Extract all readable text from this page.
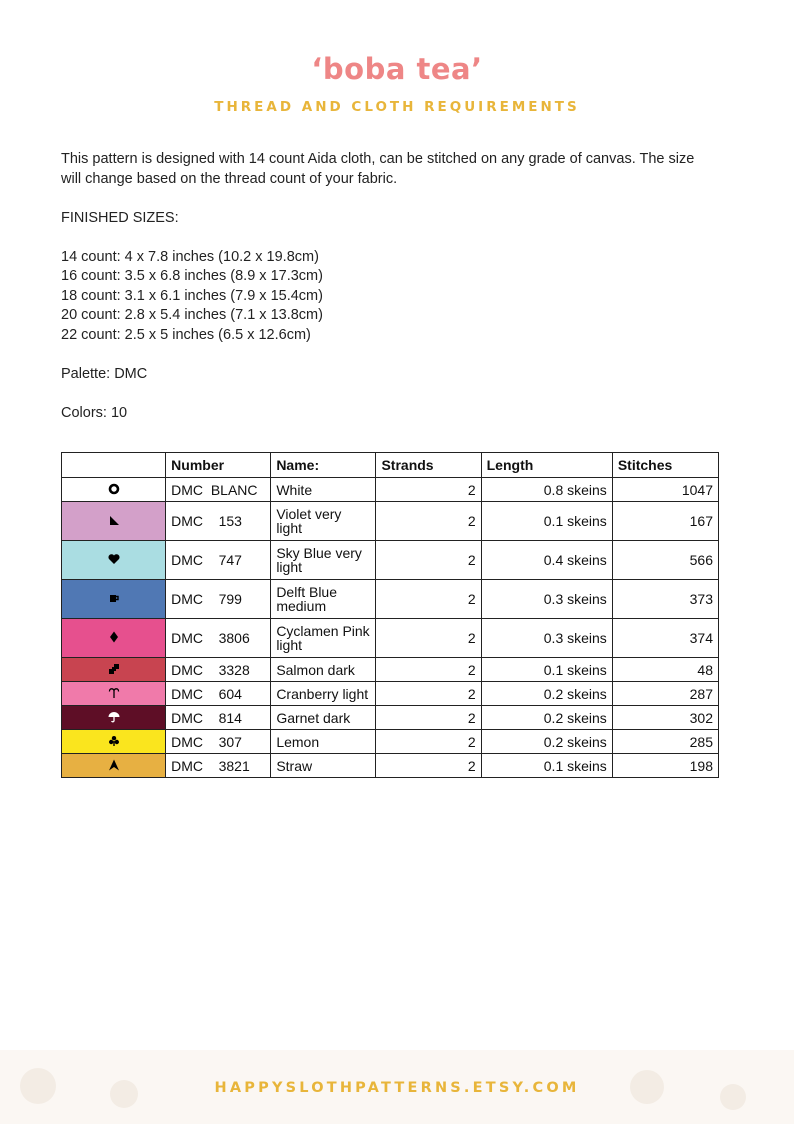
‘boba tea’
THREAD AND CLOTH REQUIREMENTS

This pattern is designed with 14 count Aida cloth, can be stitched on any grade of canvas. The size

will change based on the thread count of your fabric.

FINISHED SIZES:

14 count: 4 x 7.8 inches (10.2 x 19.8cm)

16 count: 3.5 x 6.8 inches (8.9 x 17.3cm)

18 count: 3.1 x 6.1 inches (7.9 x 15.4cm)

20 count: 2.8 x 5.4 inches (7.1 x 13.8cm)

22 count: 2.5 x 5 inches (6.5 x 12.6cm)

Palette: DMC

Colors: 10

	Number	Name:	Strands	Length	Stitches

	DMC  BLANC	White	2	0.8 skeins	1047

	DMC    153	Violet very light	2	0.1 skeins	167

	DMC    747	Sky Blue very light	2	0.4 skeins	566

	DMC    799	Delft Blue medium	2	0.3 skeins	373

	DMC    3806	Cyclamen Pink light	2	0.3 skeins	374

	DMC    3328	Salmon dark	2	0.1 skeins	48

	DMC    604	Cranberry light	2	0.2 skeins	287

	DMC    814	Garnet dark	2	0.2 skeins	302

	DMC    307	Lemon	2	0.2 skeins	285

	DMC    3821	Straw	2	0.1 skeins	198
HAPPYSLOTHPATTERNS.ETSY.COM
